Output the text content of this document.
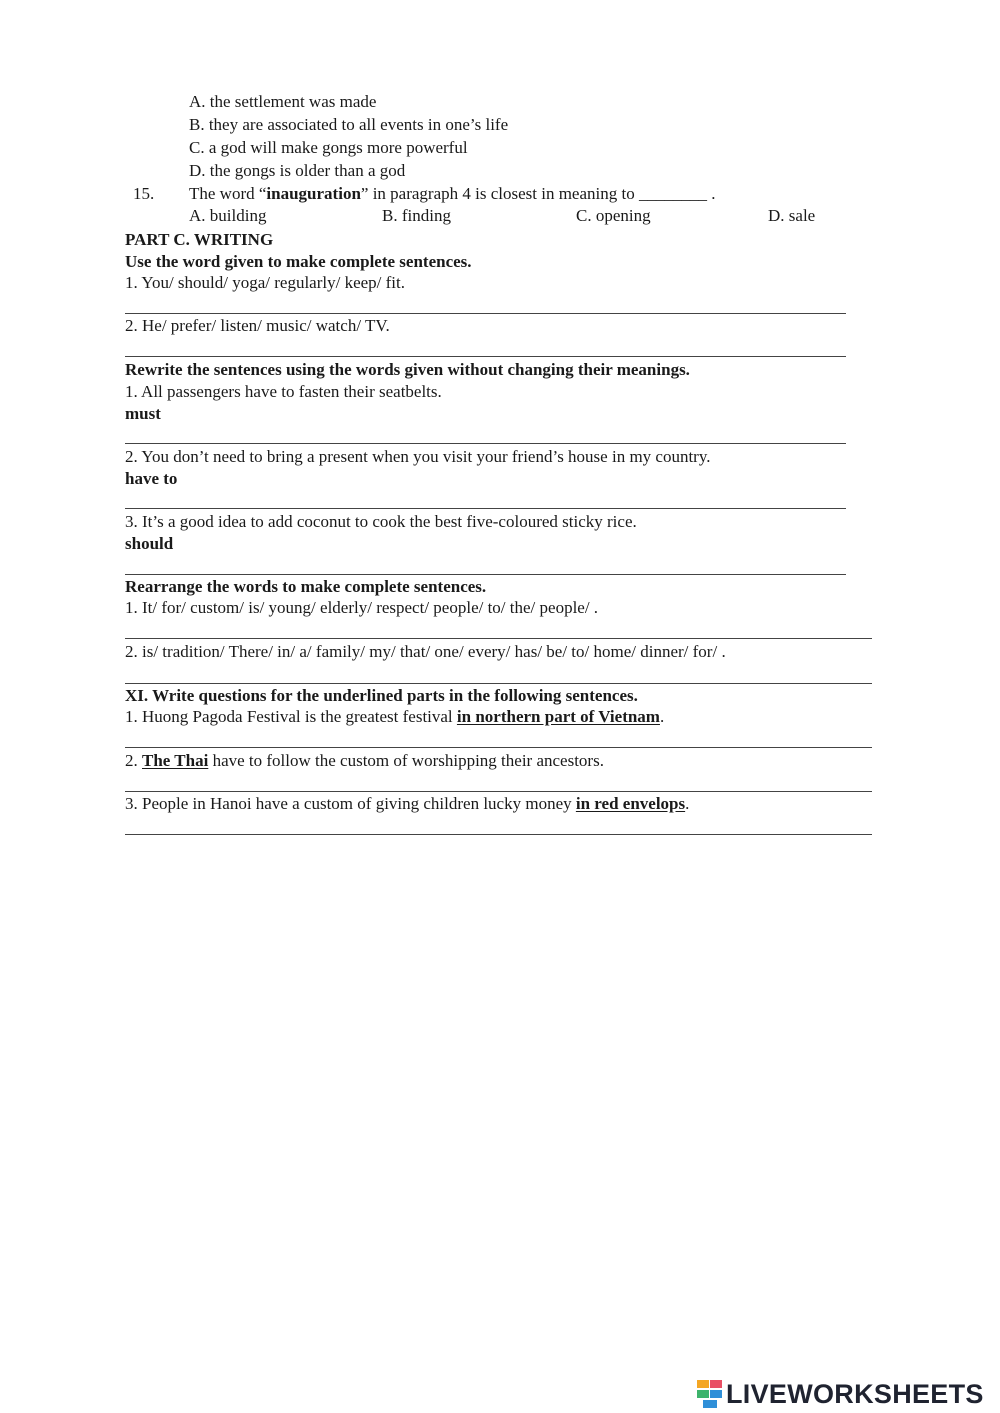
A. the settlement was made
B. they are associated to all events in one’s life
C. a god will make gongs more powerful
D. the gongs is older than a god
15. The word “inauguration” in paragraph 4 is closest in meaning to ________ .
A. building	B. finding	C. opening	D. sale
PART C. WRITING
Use the word given to make complete sentences.
1. You/ should/ yoga/ regularly/ keep/ fit.
2. He/ prefer/ listen/ music/ watch/ TV.
Rewrite the sentences using the words given without changing their meanings.
1. All passengers have to fasten their seatbelts.
must
2. You don’t need to bring a present when you visit your friend’s house in my country.
have to
3. It’s a good idea to add coconut to cook the best five-coloured sticky rice.
should
Rearrange the words to make complete sentences.
1. It/ for/ custom/ is/ young/ elderly/ respect/ people/ to/ the/ people/ .
2. is/ tradition/ There/ in/ a/ family/ my/ that/ one/ every/ has/ be/ to/ home/ dinner/ for/ .
XI. Write questions for the underlined parts in the following sentences.
1. Huong Pagoda Festival is the greatest festival in northern part of Vietnam.
2. The Thai have to follow the custom of worshipping their ancestors.
3. People in Hanoi have a custom of giving children lucky money in red envelops.
LIVEWORKSHEETS
